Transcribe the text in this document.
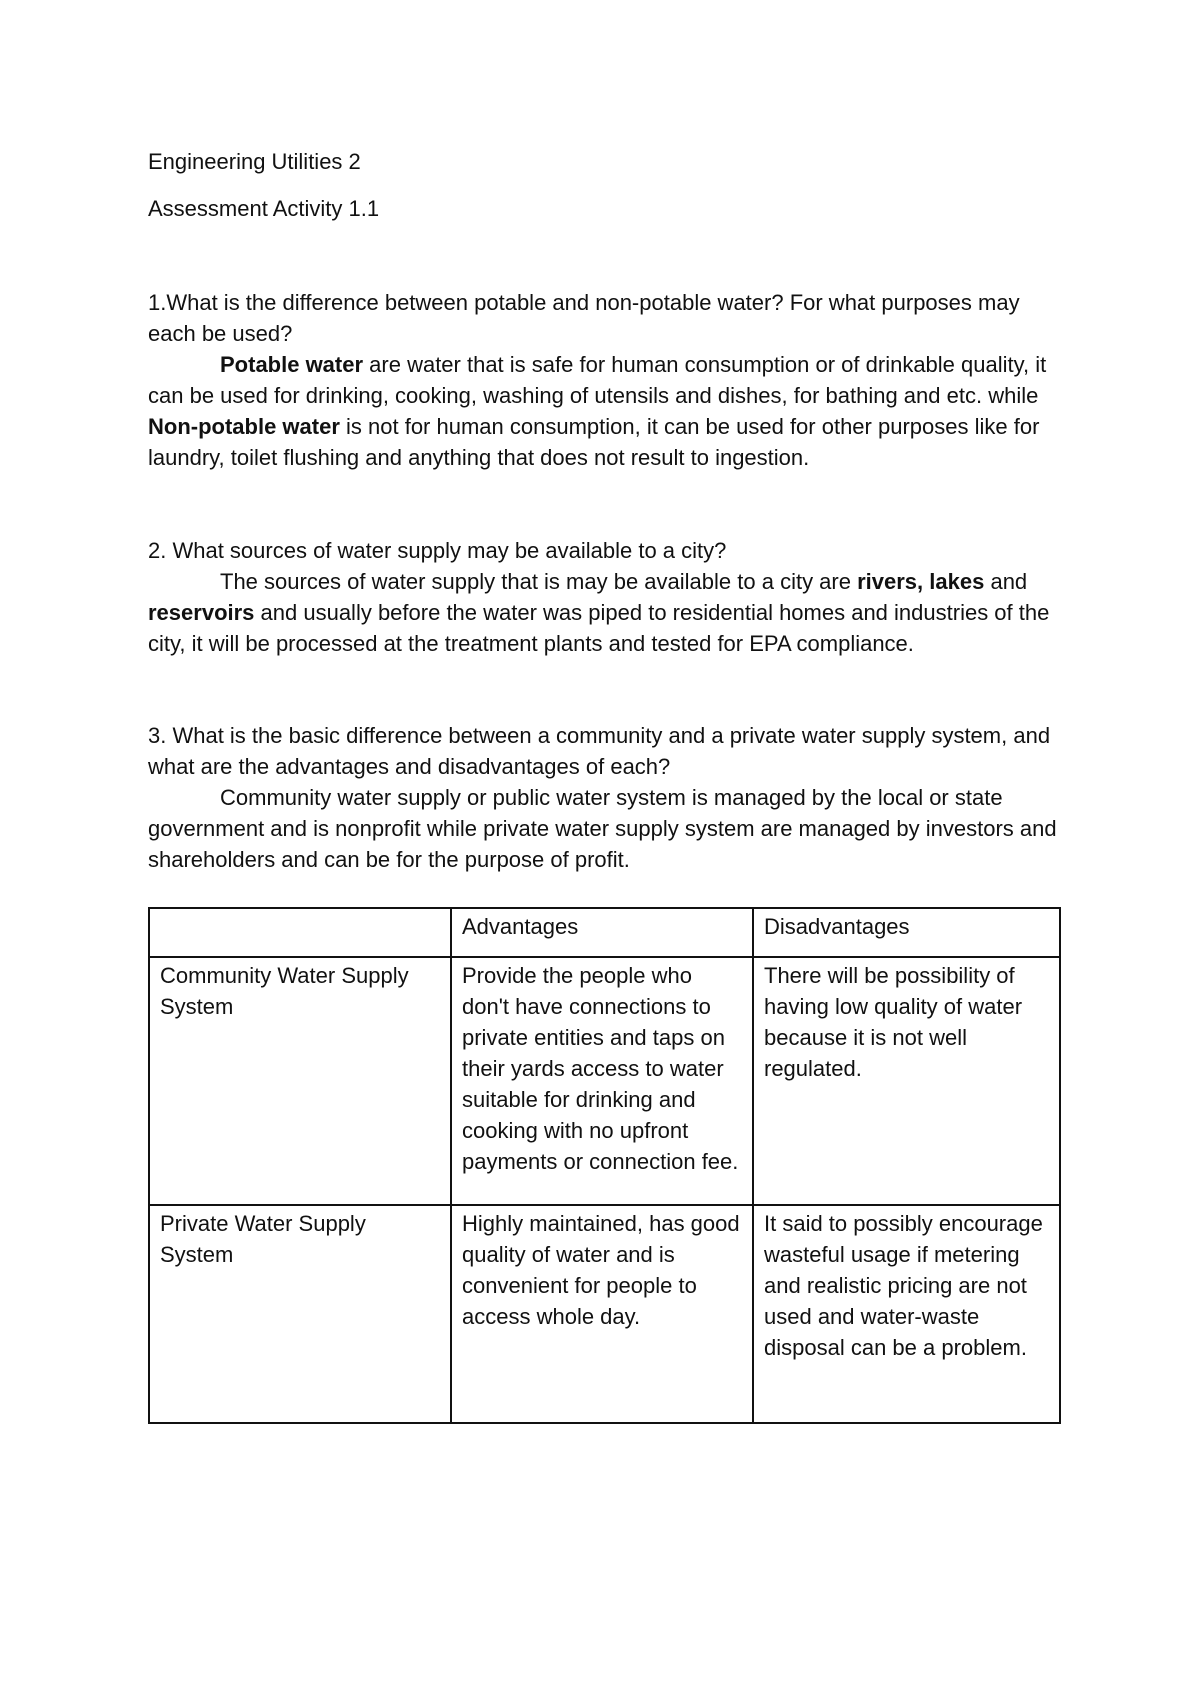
Engineering Utilities 2

Assessment Activity 1.1

1.What is the difference between potable and non-potable water? For what purposes may each be used?

Potable water are water that is safe for human consumption or of drinkable quality, it can be used for drinking, cooking, washing of utensils and dishes, for bathing and etc. while Non-potable water is not for human consumption, it can be used for other purposes like for laundry, toilet flushing and anything that does not result to ingestion.

2. What sources of water supply may be available to a city?

The sources of water supply that is may be available to a city are rivers, lakes and reservoirs and usually before the water was piped to residential homes and industries of the city, it will be processed at the treatment plants and tested for EPA compliance.

3. What is the basic difference between a community and a private water supply system, and what are the advantages and disadvantages of each?

Community water supply or public water system is managed by the local or state government and is nonprofit while private water supply system are managed by investors and shareholders and can be for the purpose of profit.

	Advantages	Disadvantages
Community Water Supply System	Provide the people who don't have connections to private entities and taps on their yards access to water suitable for drinking and cooking with no upfront payments or connection fee.	There will be possibility of having low quality of water because it is not well regulated.
Private Water Supply System	Highly maintained, has good quality of water and is convenient for people to access whole day.	It said to possibly encourage wasteful usage if metering and realistic pricing are not used and water-waste disposal can be a problem.
